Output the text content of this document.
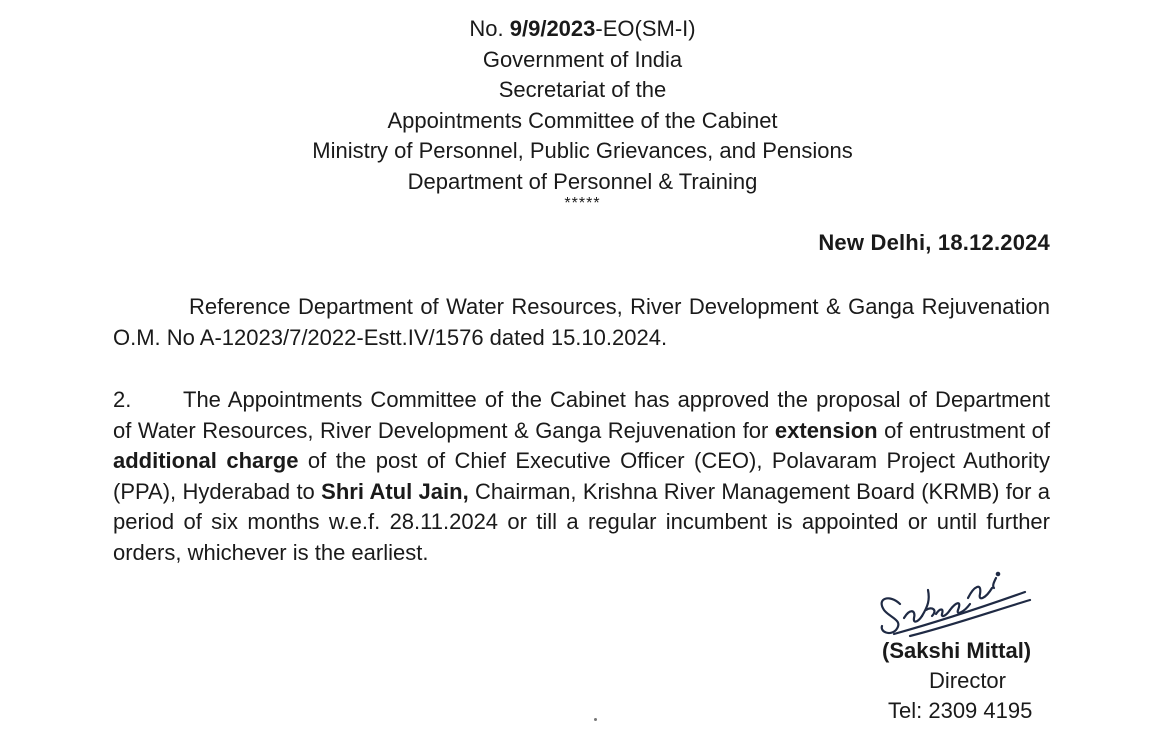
No. 9/9/2023-EO(SM-I)
Government of India
Secretariat of the
Appointments Committee of the Cabinet
Ministry of Personnel, Public Grievances, and Pensions
Department of Personnel & Training
*****
New Delhi, 18.12.2024
Reference Department of Water Resources, River Development & Ganga Rejuvenation O.M. No A-12023/7/2022-Estt.IV/1576 dated 15.10.2024.
2. The Appointments Committee of the Cabinet has approved the proposal of Department of Water Resources, River Development & Ganga Rejuvenation for extension of entrustment of additional charge of the post of Chief Executive Officer (CEO), Polavaram Project Authority (PPA), Hyderabad to Shri Atul Jain, Chairman, Krishna River Management Board (KRMB) for a period of six months w.e.f. 28.11.2024 or till a regular incumbent is appointed or until further orders, whichever is the earliest.
(Sakshi Mittal)
Director
Tel: 2309 4195
